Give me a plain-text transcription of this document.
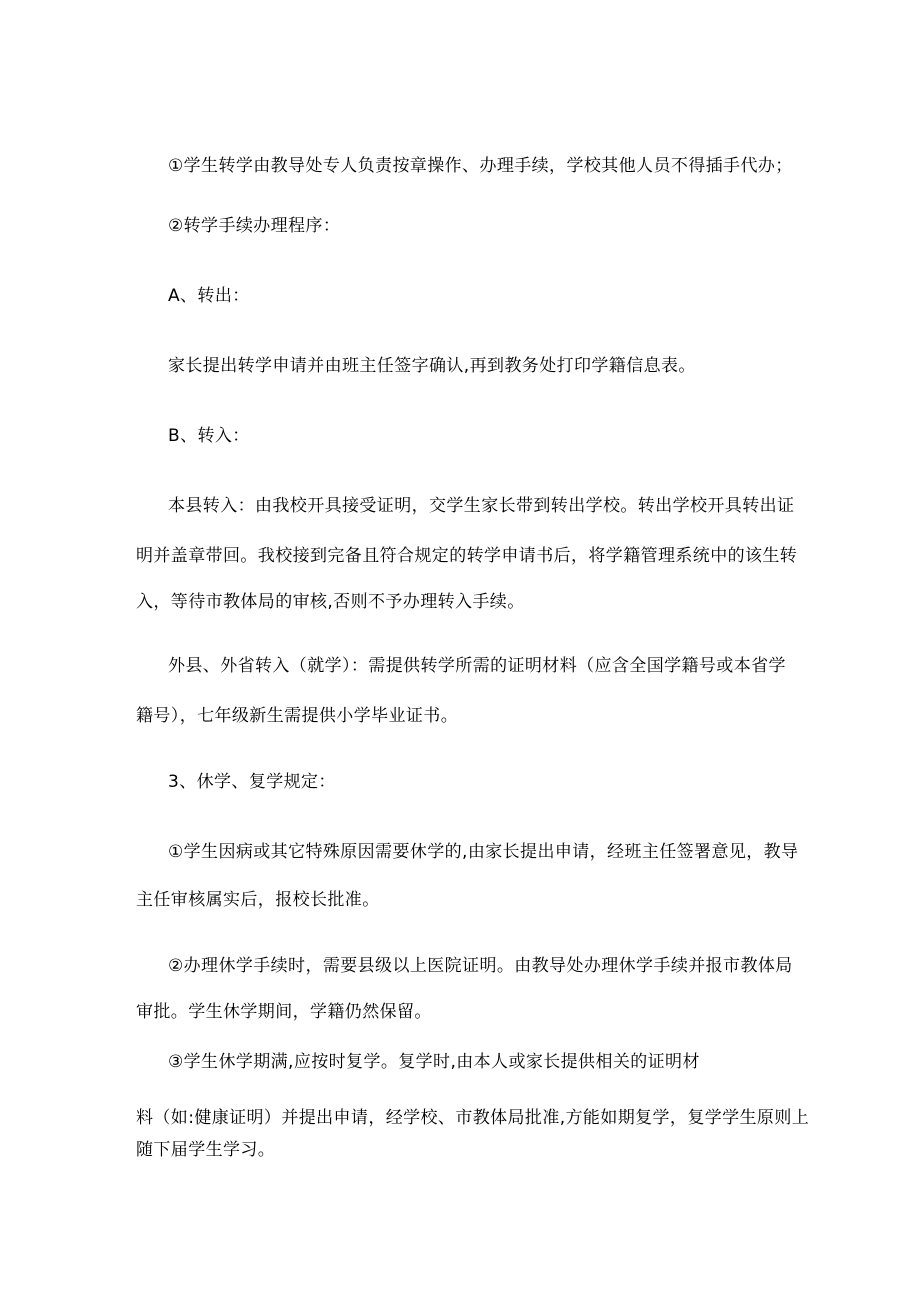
①学生转学由教导处专人负责按章操作、办理手续，学校其他人员不得插手代办；
②转学手续办理程序：
A、转出：
家长提出转学申请并由班主任签字确认,再到教务处打印学籍信息表。
B、转入：
本县转入：由我校开具接受证明，交学生家长带到转出学校。转出学校开具转出证
明并盖章带回。我校接到完备且符合规定的转学申请书后，将学籍管理系统中的该生转
入，等待市教体局的审核,否则不予办理转入手续。
外县、外省转入（就学）：需提供转学所需的证明材料（应含全国学籍号或本省学
籍号），七年级新生需提供小学毕业证书。
3、休学、复学规定：
①学生因病或其它特殊原因需要休学的,由家长提出申请，经班主任签署意见，教导
主任审核属实后，报校长批准。
②办理休学手续时，需要县级以上医院证明。由教导处办理休学手续并报市教体局
审批。学生休学期间，学籍仍然保留。
③学生休学期满,应按时复学。复学时,由本人或家长提供相关的证明材
料（如:健康证明）并提出申请，经学校、市教体局批准,方能如期复学，复学学生原则上
随下届学生学习。
